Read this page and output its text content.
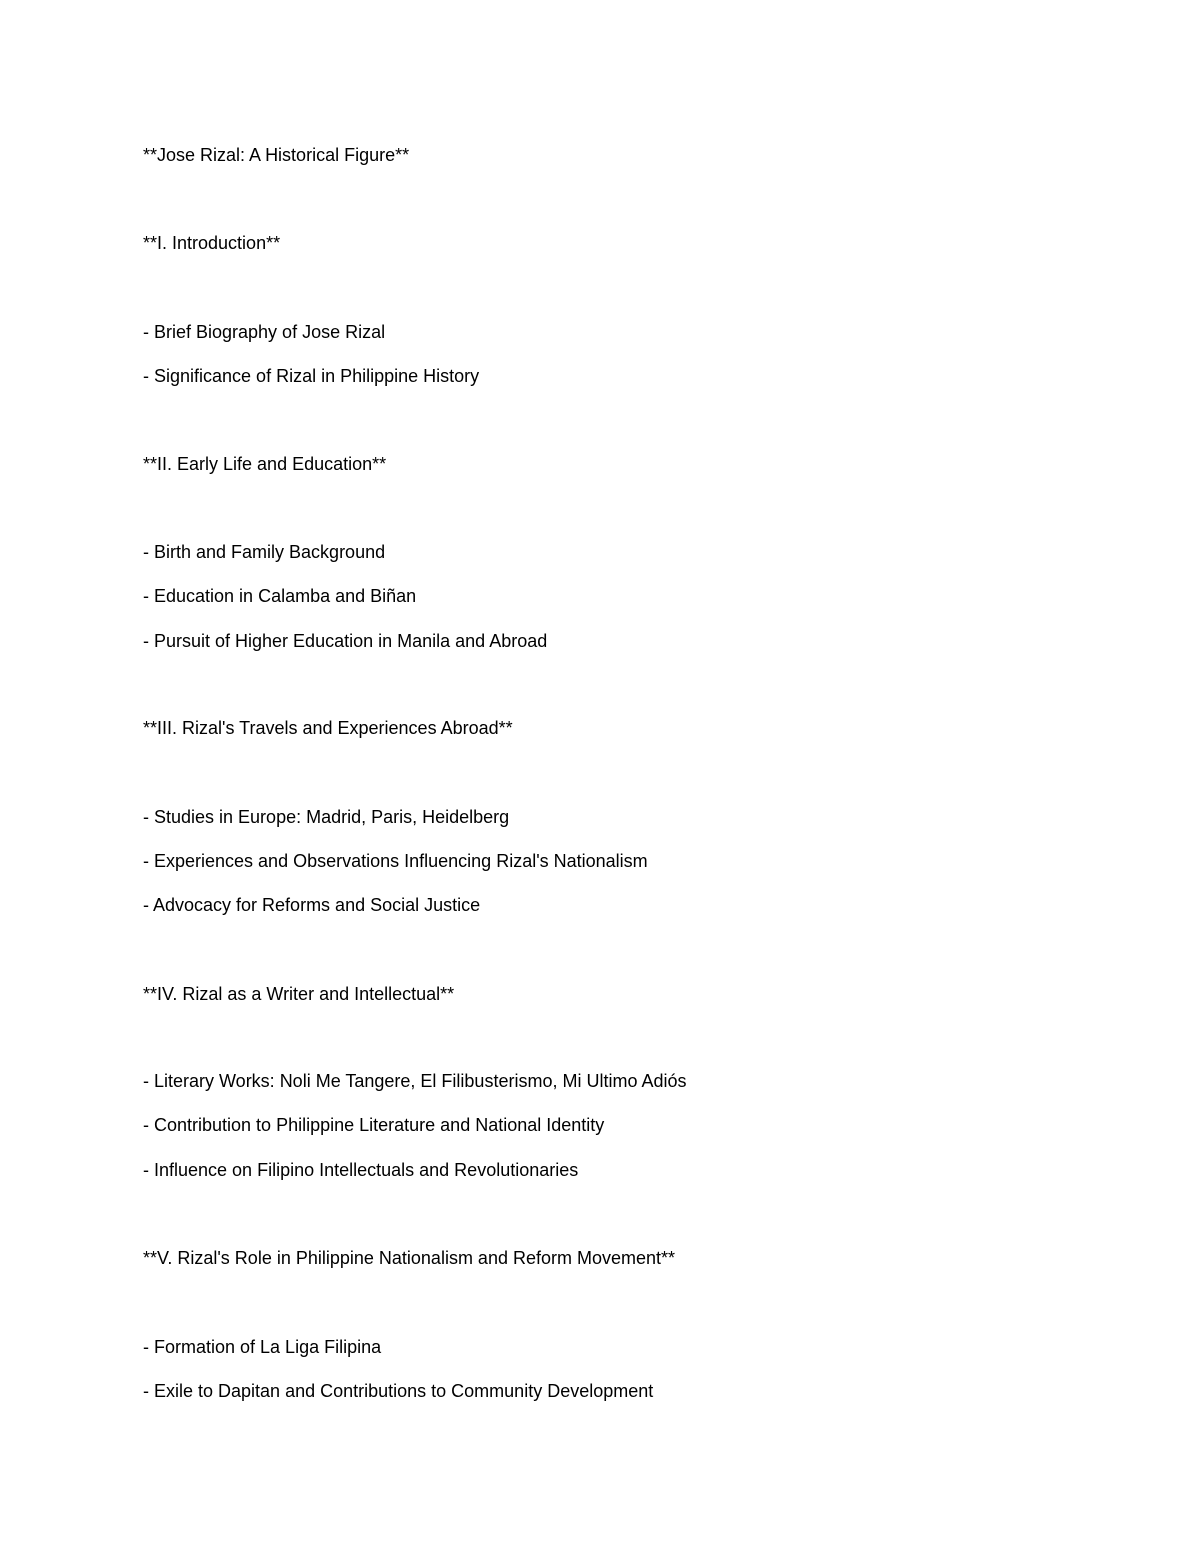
**Jose Rizal: A Historical Figure**

**I. Introduction**

- Brief Biography of Jose Rizal

- Significance of Rizal in Philippine History

**II. Early Life and Education**

- Birth and Family Background

- Education in Calamba and Biñan

- Pursuit of Higher Education in Manila and Abroad

**III. Rizal's Travels and Experiences Abroad**

- Studies in Europe: Madrid, Paris, Heidelberg

- Experiences and Observations Influencing Rizal's Nationalism

- Advocacy for Reforms and Social Justice

**IV. Rizal as a Writer and Intellectual**

- Literary Works: Noli Me Tangere, El Filibusterismo, Mi Ultimo Adiós

- Contribution to Philippine Literature and National Identity

- Influence on Filipino Intellectuals and Revolutionaries

**V. Rizal's Role in Philippine Nationalism and Reform Movement**

- Formation of La Liga Filipina

- Exile to Dapitan and Contributions to Community Development
